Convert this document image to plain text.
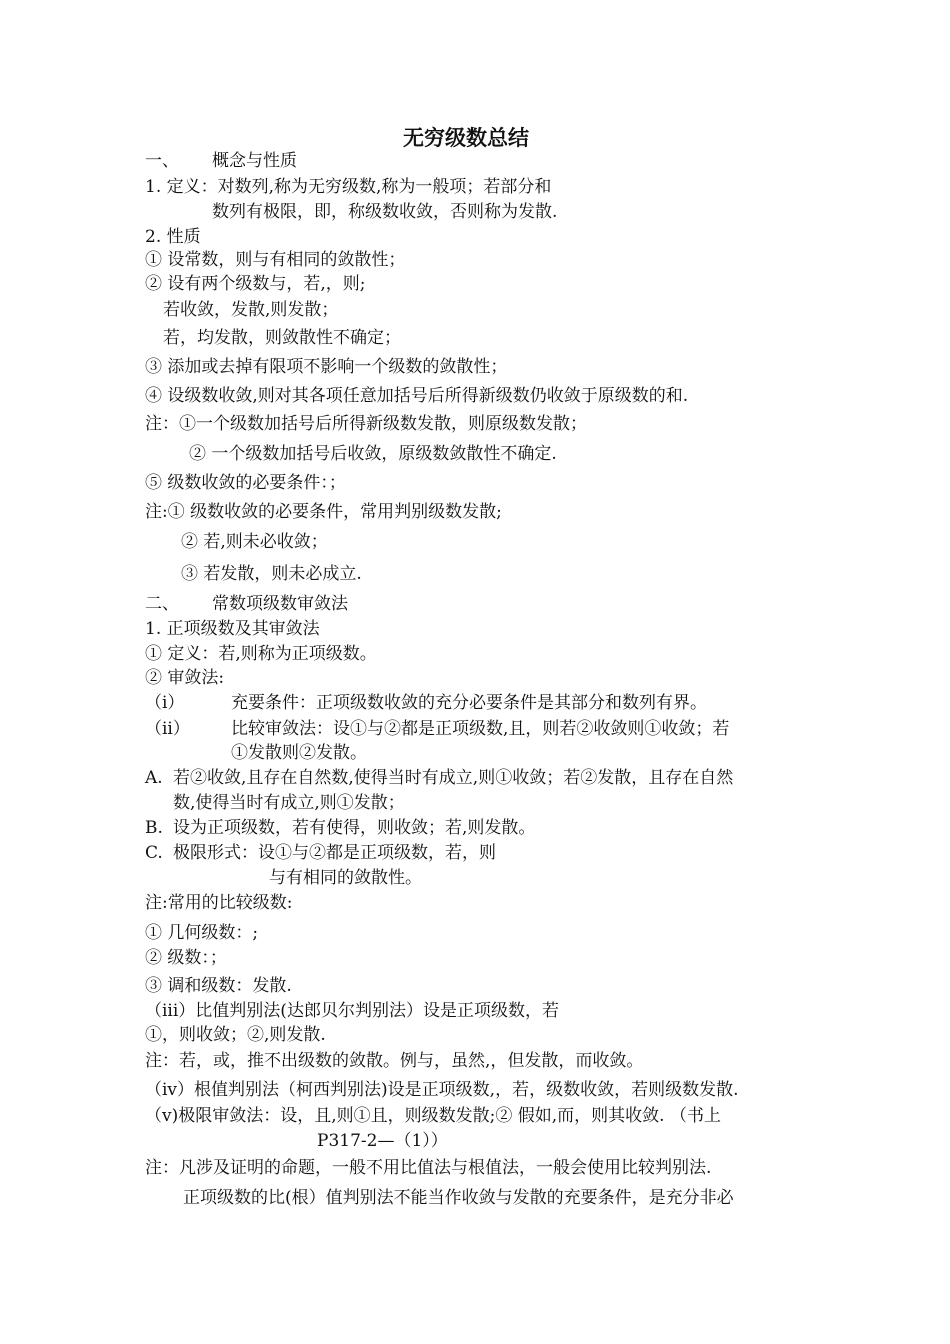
无穷级数总结
一、 概念与性质
1. 定义：对数列,称为无穷级数,称为一般项；若部分和
数列有极限，即，称级数收敛，否则称为发散.
2. 性质
① 设常数，则与有相同的敛散性；
② 设有两个级数与，若,，则;
若收敛，发散,则发散；
若，均发散，则敛散性不确定；
③ 添加或去掉有限项不影响一个级数的敛散性；
④ 设级数收敛,则对其各项任意加括号后所得新级数仍收敛于原级数的和.
注：①一个级数加括号后所得新级数发散，则原级数发散；
② 一个级数加括号后收敛，原级数敛散性不确定.
⑤ 级数收敛的必要条件：；
注:① 级数收敛的必要条件，常用判别级数发散;
② 若,则未必收敛；
③ 若发散，则未必成立.
二、 常数项级数审敛法
1. 正项级数及其审敛法
① 定义：若,则称为正项级数。
② 审敛法:
（i）	充要条件：正项级数收敛的充分必要条件是其部分和数列有界。
（ii） 比较审敛法：设①与②都是正项级数,且，则若②收敛则①收敛；若
①发散则②发散。
A. 若②收敛,且存在自然数,使得当时有成立,则①收敛；若②发散，且存在自然
数,使得当时有成立,则①发散；
B. 设为正项级数，若有使得，则收敛；若,则发散。
C. 极限形式：设①与②都是正项级数，若，则
与有相同的敛散性。
注:常用的比较级数:
① 几何级数：;
② 级数：；
③ 调和级数：发散.
（iii）比值判别法(达郎贝尔判别法）设是正项级数，若
①，则收敛；②,则发散.
注：若，或，推不出级数的敛散。例与，虽然,，但发散，而收敛。
（iv）根值判别法（柯西判别法)设是正项级数,，若，级数收敛，若则级数发散.
（v)极限审敛法：设，且,则①且，则级数发散;② 假如,而，则其收敛. （书上
P317-2—（1））
注：凡涉及证明的命题，一般不用比值法与根值法，一般会使用比较判别法.
正项级数的比(根）值判别法不能当作收敛与发散的充要条件，是充分非必
